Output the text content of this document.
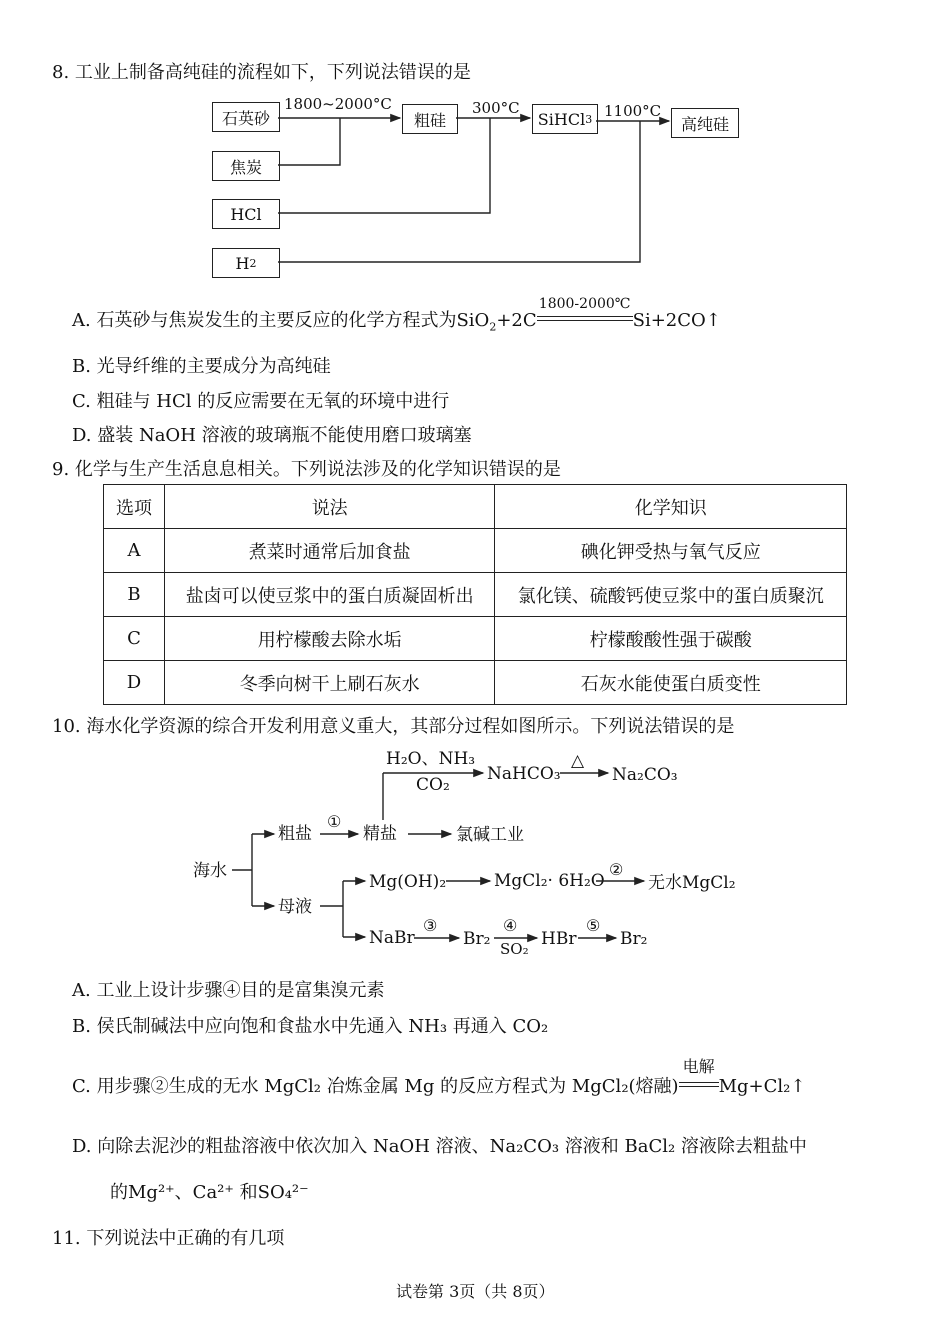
8. 工业上制备高纯硅的流程如下，下列说法错误的是
石英砂
焦炭
HCl
H 2
粗硅	SiHCl 3	高纯硅
1800~2000°C	300°C	1100°C
A. 石英砂与焦炭发生的主要反应的化学方程式为SiO$_2$+2C
1800-2000℃
Si+2CO↑
B. 光导纤维的主要成分为高纯硅
C. 粗硅与 HCl 的反应需要在无氧的环境中进行
D. 盛装 NaOH 溶液的玻璃瓶不能使用磨口玻璃塞
9. 化学与生产生活息息相关。下列说法涉及的化学知识错误的是
选项	说法	化学知识
A	煮菜时通常后加食盐	碘化钾受热与氧气反应
B	盐卤可以使豆浆中的蛋白质凝固析出	氯化镁、硫酸钙使豆浆中的蛋白质聚沉
C	用柠檬酸去除水垢	柠檬酸酸性强于碳酸
D	冬季向树干上刷石灰水	石灰水能使蛋白质变性
10. 海水化学资源的综合开发利用意义重大，其部分过程如图所示。下列说法错误的是
海水
粗盐
①
精盐	氯碱工业
H₂O、NH₃
CO₂
NaHCO₃
△
Na₂CO₃
母液
Mg(OH)₂	MgCl₂· 6H₂O
②
无水MgCl₂
NaBr
③
Br₂
④
SO₂ HBr
⑤
Br₂
A. 工业上设计步骤④目的是富集溴元素
B. 侯氏制碱法中应向饱和食盐水中先通入 NH₃ 再通入 CO₂
C. 用步骤②生成的无水 MgCl₂ 冶炼金属 Mg 的反应方程式为 MgCl₂(熔融)
电解
Mg+Cl₂↑
D. 向除去泥沙的粗盐溶液中依次加入 NaOH 溶液、Na₂CO₃ 溶液和 BaCl₂ 溶液除去粗盐中
的Mg²⁺、Ca²⁺ 和SO₄²⁻
11. 下列说法中正确的有几项
试卷第 3页（共 8页）
